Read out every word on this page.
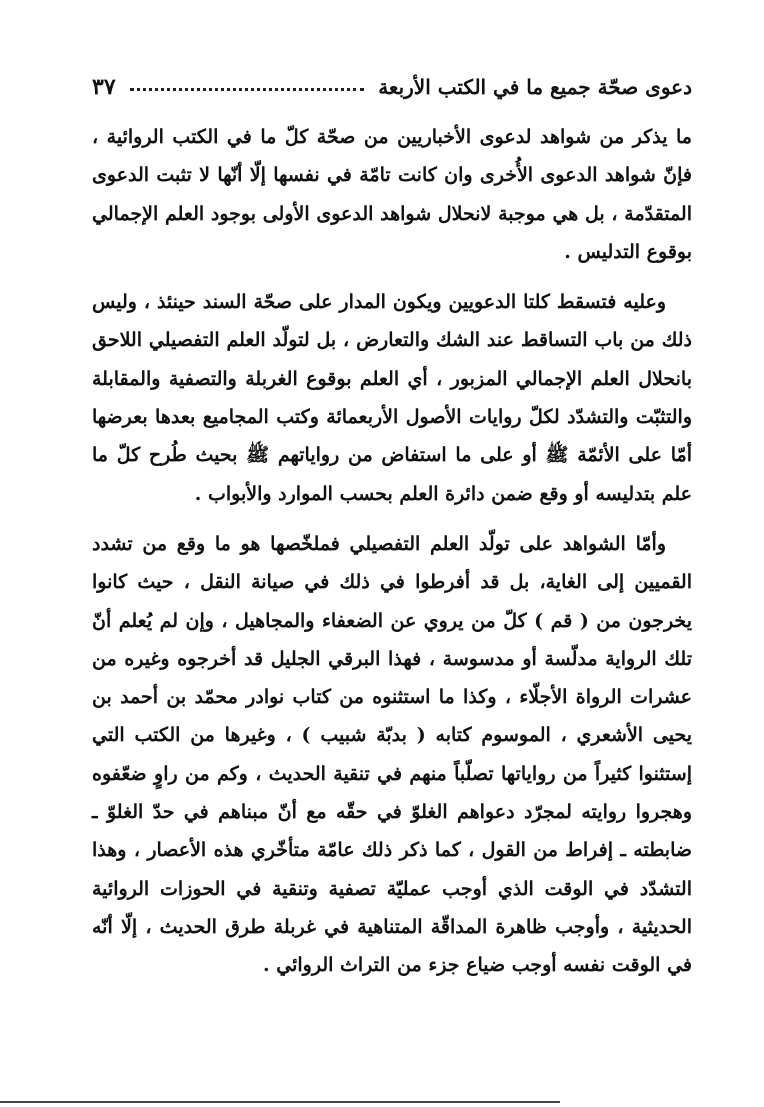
دعوى صحّة جميع ما في الكتب الأربعة
٣٧

ما يذكر من شواهد لدعوى الأخباريين من صحّة كلّ ما في الكتب الروائية ، فإنّ شواهد الدعوى الأُخرى وان كانت تامّة في نفسها إلّا أنّها لا تثبت الدعوى المتقدّمة ، بل هي موجبة لانحلال شواهد الدعوى الأولى بوجود العلم الإجمالي بوقوع التدليس .

وعليه فتسقط كلتا الدعويين ويكون المدار على صحّة السند حينئذ ، وليس ذلك من باب التساقط عند الشك والتعارض ، بل لتولّد العلم التفصيلي اللاحق بانحلال العلم الإجمالي المزبور ، أي العلم بوقوع الغربلة والتصفية والمقابلة والتثبّت والتشدّد لكلّ روايات الأصول الأربعمائة وكتب المجاميع بعدها بعرضها أمّا على الأئمّة ﷺ أو على ما استفاض من رواياتهم ﷺ بحيث طُرح كلّ ما علم بتدليسه أو وقع ضمن دائرة العلم بحسب الموارد والأبواب .

وأمّا الشواهد على تولّد العلم التفصيلي فملخّصها هو ما وقع من تشدد القميين إلى الغاية، بل قد أفرطوا في ذلك في صيانة النقل ، حيث كانوا يخرجون من ( قم ) كلّ من يروي عن الضعفاء والمجاهيل ، وإن لم يُعلم أنّ تلك الرواية مدلّسة أو مدسوسة ، فهذا البرقي الجليل قد أخرجوه وغيره من عشرات الرواة الأجلّاء ، وكذا ما استثنوه من كتاب نوادر محمّد بن أحمد بن يحيى الأشعري ، الموسوم كتابه ( بدبّة شبيب ) ، وغيرها من الكتب التي إستثنوا كثيراً من رواياتها تصلّباً منهم في تنقية الحديث ، وكم من راوٍ ضعّفوه وهجروا روايته لمجرّد دعواهم الغلوّ في حقّه مع أنّ مبناهم في حدّ الغلوّ ـ ضابطته ـ إفراط من القول ، كما ذكر ذلك عامّة متأخّري هذه الأعصار ، وهذا التشدّد في الوقت الذي أوجب عمليّة تصفية وتنقية في الحوزات الروائية الحديثية ، وأوجب ظاهرة المداقّة المتناهية في غربلة طرق الحديث ، إلّا أنّه في الوقت نفسه أوجب ضياع جزء من التراث الروائي .
